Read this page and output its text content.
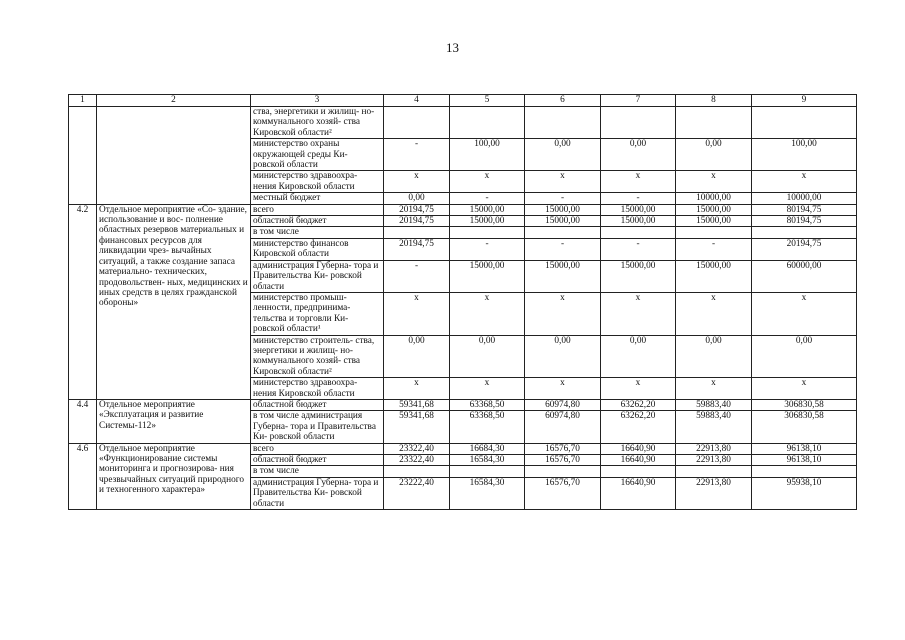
13
1	2	3	4	5	6	7	8	9
		ства, энергетики и жилищ- но-коммунального хозяй- ства Кировской области²						
		министерство охраны окружающей среды Ки- ровской области	-	100,00	0,00	0,00	0,00	100,00
		министерство здравоохра- нения Кировской области	x	x	x	x	x	x
		местный бюджет	0,00	-	-	-	10000,00	10000,00
4.2	Отдельное мероприятие «Со- здание, использование и вос- полнение областных резервов материальных и финансовых ресурсов для ликвидации чрез- вычайных ситуаций, а также создание запаса материально- технических, продовольствен- ных, медицинских и иных средств в целях гражданской обороны»	всего	20194,75	15000,00	15000,00	15000,00	15000,00	80194,75
		областной бюджет	20194,75	15000,00	15000,00	15000,00	15000,00	80194,75
		в том числе						
		министерство финансов Кировской области	20194,75	-	-	-	-	20194,75
		администрация Губерна- тора и Правительства Ки- ровской области	-	15000,00	15000,00	15000,00	15000,00	60000,00
		министерство промыш- ленности, предпринима- тельства и торговли Ки- ровской области¹	x	x	x	x	x	x
		министерство строитель- ства, энергетики и жилищ- но-коммунального хозяй- ства Кировской области²	0,00	0,00	0,00	0,00	0,00	0,00
		министерство здравоохра- нения Кировской области	x	x	x	x	x	x
4.4	Отдельное мероприятие «Эксплуатация и развитие Системы-112»	областной бюджет	59341,68	63368,50	60974,80	63262,20	59883,40	306830,58
		в том числе администрация Губерна- тора и Правительства Ки- ровской области	59341,68	63368,50	60974,80	63262,20	59883,40	306830,58
4.6	Отдельное мероприятие «Функционирование системы мониторинга и прогнозирова- ния чрезвычайных ситуаций природного и техногенного характера»	всего	23322,40	16684,30	16576,70	16640,90	22913,80	96138,10
		областной бюджет	23322,40	16584,30	16576,70	16640,90	22913,80	96138,10
		в том числе						
		администрация Губерна- тора и Правительства Ки- ровской области	23222,40	16584,30	16576,70	16640,90	22913,80	95938,10
